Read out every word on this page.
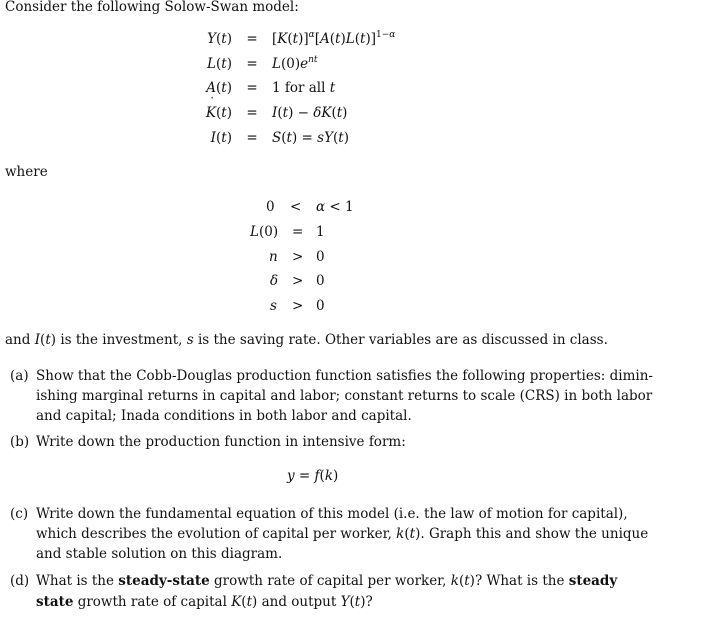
Consider the following Solow-Swan model:
Y(t)	=	$[K(t)]^\alpha[A(t)L(t)]^{1-\alpha}$
L(t)	=	$L(0)e^{nt}$
A(t)	=	1 for all t
˙ K(t)	=	I(t) − δK(t)
I(t)	=	S(t) = sY(t)
where
0 < α < 1
L(0) = 1
n > 0
δ > 0
s > 0
and I(t) is the investment, s is the saving rate. Other variables are as discussed in class.
(a) Show that the Cobb-Douglas production function satisfies the following properties: dimin-
ishing marginal returns in capital and labor; constant returns to scale (CRS) in both labor
and capital; Inada conditions in both labor and capital.
(b) Write down the production function in intensive form:
y = f(k)
(c) Write down the fundamental equation of this model (i.e. the law of motion for capital),
which describes the evolution of capital per worker, k(t). Graph this and show the unique
and stable solution on this diagram.
(d) What is the steady-state growth rate of capital per worker, k(t)? What is the steady
state growth rate of capital K(t) and output Y(t)?
